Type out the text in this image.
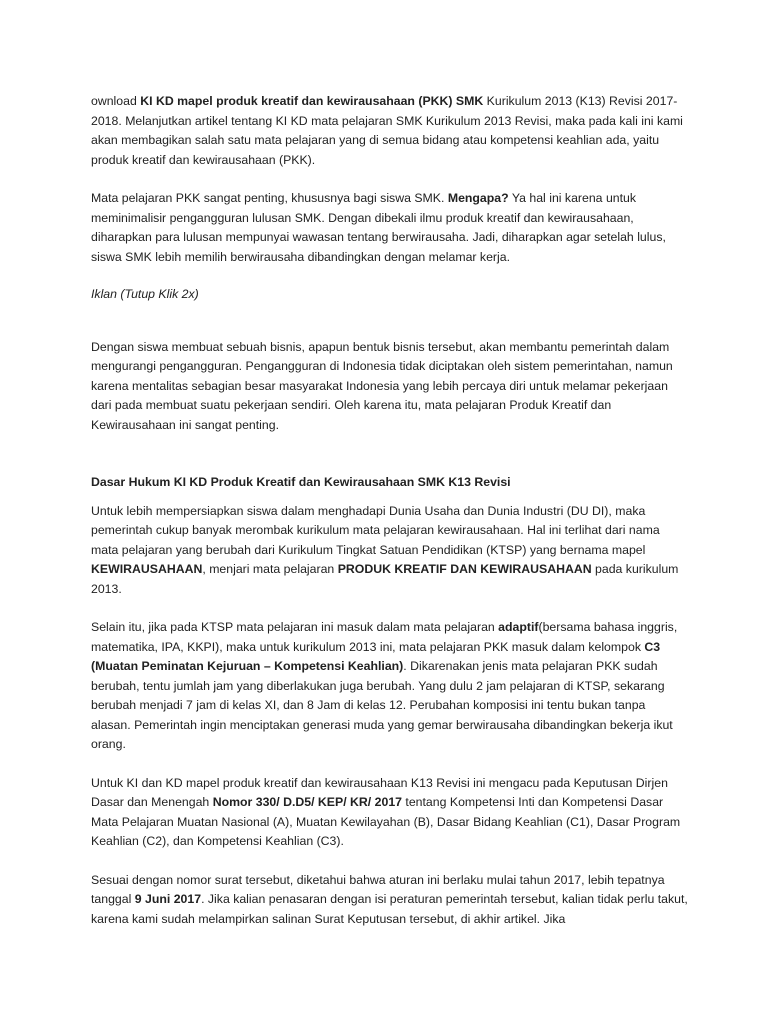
ownload KI KD mapel produk kreatif dan kewirausahaan (PKK) SMK Kurikulum 2013 (K13) Revisi 2017-2018. Melanjutkan artikel tentang KI KD mata pelajaran SMK Kurikulum 2013 Revisi, maka pada kali ini kami akan membagikan salah satu mata pelajaran yang di semua bidang atau kompetensi keahlian ada, yaitu produk kreatif dan kewirausahaan (PKK).

Mata pelajaran PKK sangat penting, khususnya bagi siswa SMK. Mengapa? Ya hal ini karena untuk meminimalisir pengangguran lulusan SMK. Dengan dibekali ilmu produk kreatif dan kewirausahaan, diharapkan para lulusan mempunyai wawasan tentang berwirausaha. Jadi, diharapkan agar setelah lulus, siswa SMK lebih memilih berwirausaha dibandingkan dengan melamar kerja.

Iklan (Tutup Klik 2x)

Dengan siswa membuat sebuah bisnis, apapun bentuk bisnis tersebut, akan membantu pemerintah dalam mengurangi pengangguran. Pengangguran di Indonesia tidak diciptakan oleh sistem pemerintahan, namun karena mentalitas sebagian besar masyarakat Indonesia yang lebih percaya diri untuk melamar pekerjaan dari pada membuat suatu pekerjaan sendiri. Oleh karena itu, mata pelajaran Produk Kreatif dan Kewirausahaan ini sangat penting.

Dasar Hukum KI KD Produk Kreatif dan Kewirausahaan SMK K13 Revisi

Untuk lebih mempersiapkan siswa dalam menghadapi Dunia Usaha dan Dunia Industri (DU DI), maka pemerintah cukup banyak merombak kurikulum mata pelajaran kewirausahaan. Hal ini terlihat dari nama mata pelajaran yang berubah dari Kurikulum Tingkat Satuan Pendidikan (KTSP) yang bernama mapel KEWIRAUSAHAAN, menjari mata pelajaran PRODUK KREATIF DAN KEWIRAUSAHAAN pada kurikulum 2013.

Selain itu, jika pada KTSP mata pelajaran ini masuk dalam mata pelajaran adaptif(bersama bahasa inggris, matematika, IPA, KKPI), maka untuk kurikulum 2013 ini, mata pelajaran PKK masuk dalam kelompok C3 (Muatan Peminatan Kejuruan – Kompetensi Keahlian). Dikarenakan jenis mata pelajaran PKK sudah berubah, tentu jumlah jam yang diberlakukan juga berubah. Yang dulu 2 jam pelajaran di KTSP, sekarang berubah menjadi 7 jam di kelas XI, dan 8 Jam di kelas 12. Perubahan komposisi ini tentu bukan tanpa alasan. Pemerintah ingin menciptakan generasi muda yang gemar berwirausaha dibandingkan bekerja ikut orang.

Untuk KI dan KD mapel produk kreatif dan kewirausahaan K13 Revisi ini mengacu pada Keputusan Dirjen Dasar dan Menengah Nomor 330/ D.D5/ KEP/ KR/ 2017 tentang Kompetensi Inti dan Kompetensi Dasar Mata Pelajaran Muatan Nasional (A), Muatan Kewilayahan (B), Dasar Bidang Keahlian (C1), Dasar Program Keahlian (C2), dan Kompetensi Keahlian (C3).

Sesuai dengan nomor surat tersebut, diketahui bahwa aturan ini berlaku mulai tahun 2017, lebih tepatnya tanggal 9 Juni 2017. Jika kalian penasaran dengan isi peraturan pemerintah tersebut, kalian tidak perlu takut, karena kami sudah melampirkan salinan Surat Keputusan tersebut, di akhir artikel. Jika
